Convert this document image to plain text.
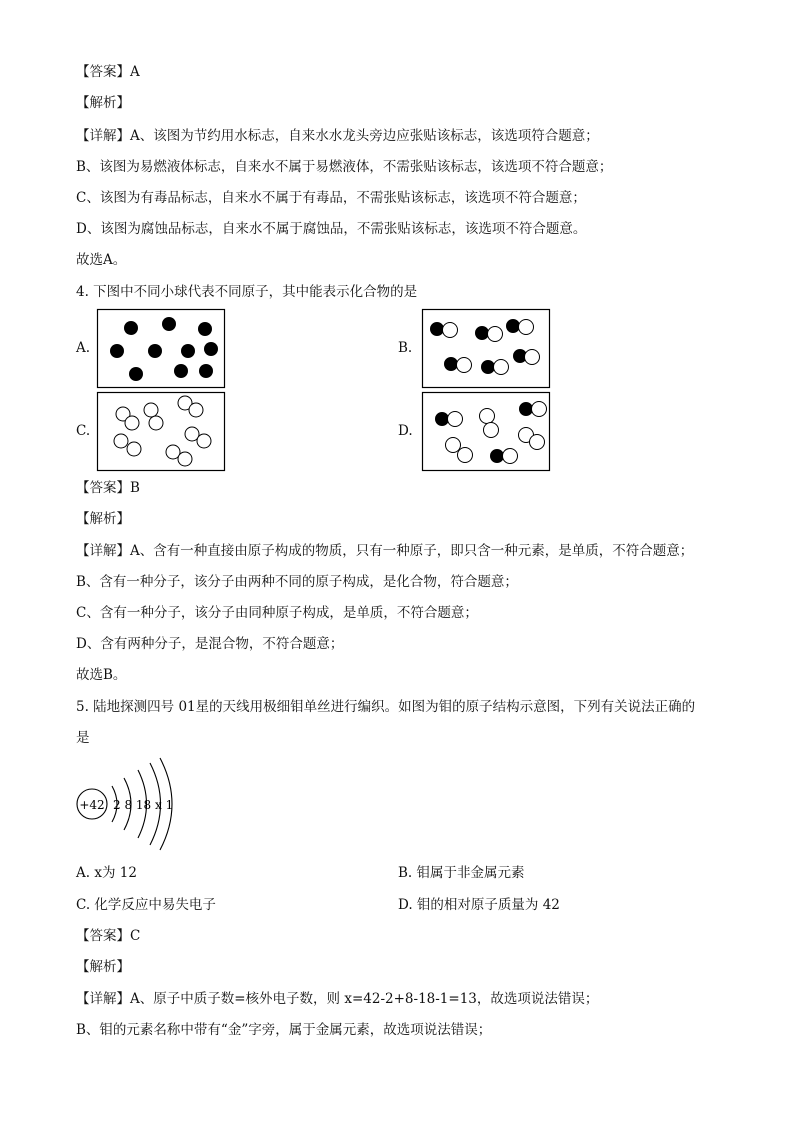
【答案】A
【解析】
【详解】A、该图为节约用水标志，自来水水龙头旁边应张贴该标志，该选项符合题意；
B、该图为易燃液体标志，自来水不属于易燃液体，不需张贴该标志，该选项不符合题意；
C、该图为有毒品标志，自来水不属于有毒品，不需张贴该标志，该选项不符合题意；
D、该图为腐蚀品标志，自来水不属于腐蚀品，不需张贴该标志，该选项不符合题意。
故选A。
4. 下图中不同小球代表不同原子，其中能表示化合物的是
A.	B.
C.	D.
【答案】B
【解析】
【详解】A、含有一种直接由原子构成的物质，只有一种原子，即只含一种元素，是单质，不符合题意；
B、含有一种分子，该分子由两种不同的原子构成，是化合物，符合题意；
C、含有一种分子，该分子由同种原子构成，是单质，不符合题意；
D、含有两种分子，是混合物，不符合题意；
故选B。
5. 陆地探测四号 01星的天线用极细钼单丝进行编织。如图为钼的原子结构示意图，下列有关说法正确的
是
+42 2 8 18 x 1
A. x为 12	B. 钼属于非金属元素
C. 化学反应中易失电子	D. 钼的相对原子质量为 42
【答案】C
【解析】
【详解】A、原子中质子数=核外电子数，则 x=42-2+8-18-1=13，故选项说法错误；
B、钼的元素名称中带有“金”字旁，属于金属元素，故选项说法错误；
